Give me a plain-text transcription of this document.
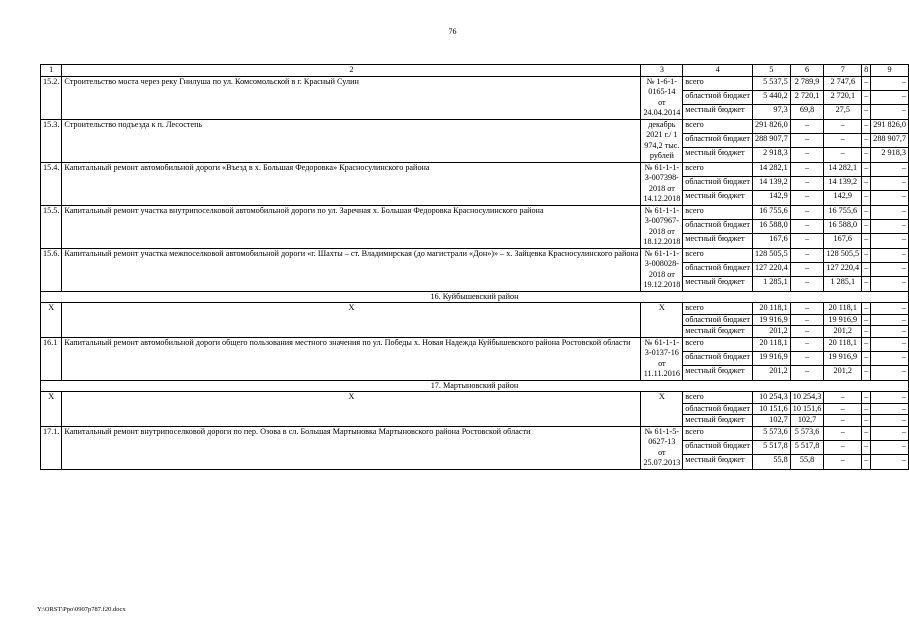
76
1	2	3	4	5	6	7	8	9
15.2.	Строительство моста через реку Гнилуша по ул. Комсомольской в г. Красный Сулин	№ 1-6-1-0165-14 от 24.04.2014	всего	5 537,5	2 789,9	2 747,6	–	–
			областной бюджет	5 440,2	2 720,1	2 720,1	–	–
			местный бюджет	97,3	69,8	27,5	–	–
15.3.	Строительство подъезда к п. Лесостепь	декабрь 2021 г./ 1 974,2 тыс. рублей	всего	291 826,0	–	–	–	291 826,0
			областной бюджет	288 907,7	–	–	–	288 907,7
			местный бюджет	2 918,3	–	–	–	2 918,3
15.4.	Капитальный ремонт автомобильной дороги «Въезд в х. Большая Федоровка» Красносулинского района	№ 61-1-1-3-007398-2018 от 14.12.2018	всего	14 282,1	–	14 282,1	–	–
			областной бюджет	14 139,2	–	14 139,2	–	–
			местный бюджет	142,9	–	142,9	–	–
15.5.	Капитальный ремонт участка внутрипоселковой автомобильной дороги по ул. Заречная х. Большая Федоровка Красносулинского района	№ 61-1-1-3-007967-2018 от 18.12.2018	всего	16 755,6	–	16 755,6	–	–
			областной бюджет	16 588,0	–	16 588,0	–	–
			местный бюджет	167,6	–	167,6	–	–
15.6.	Капитальный ремонт участка межпоселковой автомобильной дороги «г. Шахты – ст. Владимирская (до магистрали «Дон»)» – х. Зайцевка Красносулинского района	№ 61-1-1-3-008028-2018 от 19.12.2018	всего	128 505,5	–	128 505,5	–	–
			областной бюджет	127 220,4	–	127 220,4	–	–
			местный бюджет	1 285,1	–	1 285,1	–	–
16. Куйбышевский район								
Х	Х	Х	всего	20 118,1	–	20 118,1	–	–
			областной бюджет	19 916,9	–	19 916,9	–	–
			местный бюджет	201,2	–	201,2	–	–
16.1	Капитальный ремонт автомобильной дороги общего пользования местного значения по ул. Победы х. Новая Надежда Куйбышевского района Ростовской области	№ 61-1-1-3-0137-16 от 11.11.2016	всего	20 118,1	–	20 118,1	–	–
			областной бюджет	19 916,9	–	19 916,9	–	–
			местный бюджет	201,2	–	201,2	–	–
17. Мартыновский район								
Х	Х	Х	всего	10 254,3	10 254,3	–	–	–
			областной бюджет	10 151,6	10 151,6	–	–	–
			местный бюджет	102,7	102,7	–	–	–
17.1.	Капитальный ремонт внутрипоселковой дороги по пер. Озова в сл. Большая Мартыновка Мартыновского района Ростовской области	№ 61-1-5-0627-13 от 25.07.2013	всего	5 573,6	5 573,6	–	–	–
			областной бюджет	5 517,8	5 517,8	–	–	–
			местный бюджет	55,8	55,8	–	–	–
Y:\ORST\Ppo\0907p787.f20.docx
